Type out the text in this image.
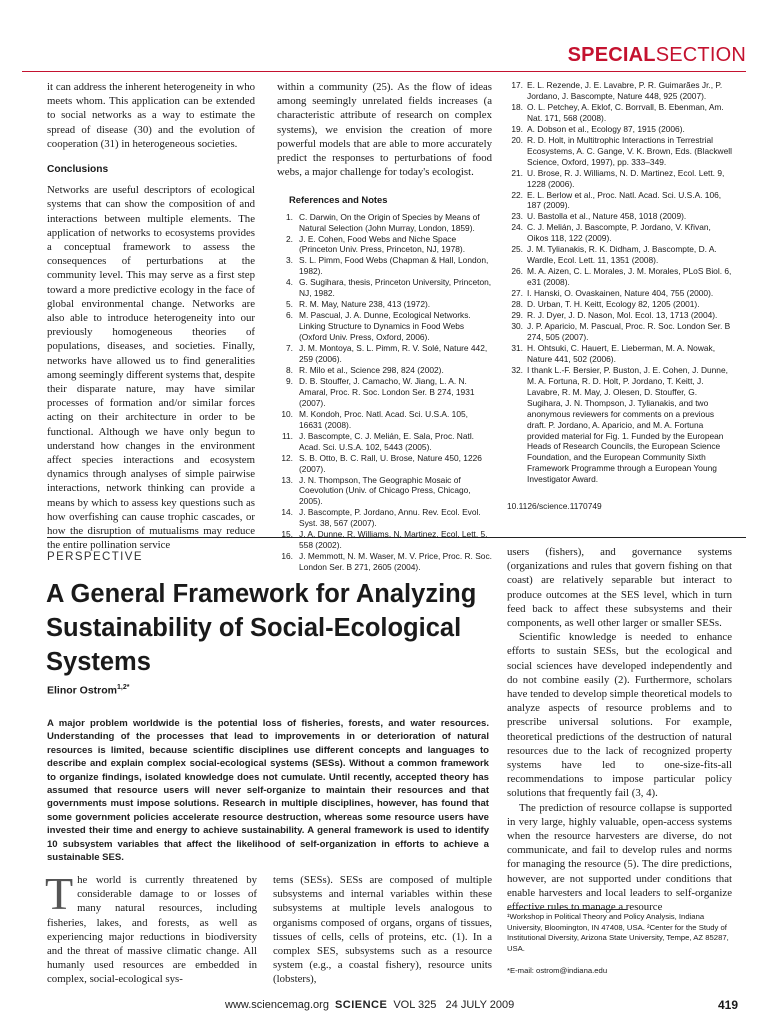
SPECIALSECTION

it can address the inherent heterogeneity in who meets whom. This application can be extended to social networks as a way to estimate the spread of disease (30) and the evolution of cooperation (31) in heterogeneous societies.

Conclusions

Networks are useful descriptors of ecological systems that can show the composition of and interactions between multiple elements. The application of networks to ecosystems provides a conceptual framework to assess the consequences of perturbations at the community level. This may serve as a first step toward a more predictive ecology in the face of global environmental change. Networks are also able to introduce heterogeneity into our previously homogeneous theories of populations, diseases, and societies. Finally, networks have allowed us to find generalities among seemingly different systems that, despite their disparate nature, may have similar processes of formation and/or similar forces acting on their architecture in order to be functional. Although we have only begun to understand how changes in the environment affect species interactions and ecosystem dynamics through analyses of simple pairwise interactions, network thinking can provide a means by which to assess key questions such as how overfishing can cause trophic cascades, or how the disruption of mutualisms may reduce the entire pollination service

within a community (25). As the flow of ideas among seemingly unrelated fields increases (a characteristic attribute of research on complex systems), we envision the creation of more powerful models that are able to more accurately predict the responses to perturbations of food webs, a major challenge for today's ecologist.

References and Notes
1. C. Darwin, On the Origin of Species by Means of Natural Selection (John Murray, London, 1859).
2. J. E. Cohen, Food Webs and Niche Space (Princeton Univ. Press, Princeton, NJ, 1978).
3. S. L. Pimm, Food Webs (Chapman & Hall, London, 1982).
4. G. Sugihara, thesis, Princeton University, Princeton, NJ, 1982.
5. R. M. May, Nature 238, 413 (1972).
6. M. Pascual, J. A. Dunne, Ecological Networks. Linking Structure to Dynamics in Food Webs (Oxford Univ. Press, Oxford, 2006).
7. J. M. Montoya, S. L. Pimm, R. V. Solé, Nature 442, 259 (2006).
8. R. Milo et al., Science 298, 824 (2002).
9. D. B. Stouffer, J. Camacho, W. Jiang, L. A. N. Amaral, Proc. R. Soc. London Ser. B 274, 1931 (2007).
10. M. Kondoh, Proc. Natl. Acad. Sci. U.S.A. 105, 16631 (2008).
11. J. Bascompte, C. J. Melián, E. Sala, Proc. Natl. Acad. Sci. U.S.A. 102, 5443 (2005).
12. S. B. Otto, B. C. Rall, U. Brose, Nature 450, 1226 (2007).
13. J. N. Thompson, The Geographic Mosaic of Coevolution (Univ. of Chicago Press, Chicago, 2005).
14. J. Bascompte, P. Jordano, Annu. Rev. Ecol. Evol. Syst. 38, 567 (2007).
15. J. A. Dunne, R. Williams, N. Martinez, Ecol. Lett. 5, 558 (2002).
16. J. Memmott, N. M. Waser, M. V. Price, Proc. R. Soc. London Ser. B 271, 2605 (2004).
17. E. L. Rezende, J. E. Lavabre, P. R. Guimarães Jr., P. Jordano, J. Bascompte, Nature 448, 925 (2007).
18. O. L. Petchey, A. Eklof, C. Borrvall, B. Ebenman, Am. Nat. 171, 568 (2008).
19. A. Dobson et al., Ecology 87, 1915 (2006).
20. R. D. Holt, in Multitrophic Interactions in Terrestrial Ecosystems, A. C. Gange, V. K. Brown, Eds. (Blackwell Science, Oxford, 1997), pp. 333–349.
21. U. Brose, R. J. Williams, N. D. Martinez, Ecol. Lett. 9, 1228 (2006).
22. E. L. Berlow et al., Proc. Natl. Acad. Sci. U.S.A. 106, 187 (2009).
23. U. Bastolla et al., Nature 458, 1018 (2009).
24. C. J. Melián, J. Bascompte, P. Jordano, V. Křivan, Oikos 118, 122 (2009).
25. J. M. Tylianakis, R. K. Didham, J. Bascompte, D. A. Wardle, Ecol. Lett. 11, 1351 (2008).
26. M. A. Aizen, C. L. Morales, J. M. Morales, PLoS Biol. 6, e31 (2008).
27. I. Hanski, O. Ovaskainen, Nature 404, 755 (2000).
28. D. Urban, T. H. Keitt, Ecology 82, 1205 (2001).
29. R. J. Dyer, J. D. Nason, Mol. Ecol. 13, 1713 (2004).
30. J. P. Aparicio, M. Pascual, Proc. R. Soc. London Ser. B 274, 505 (2007).
31. H. Ohtsuki, C. Hauert, E. Lieberman, M. A. Nowak, Nature 441, 502 (2006).
32. I thank L.-F. Bersier, P. Buston, J. E. Cohen, J. Dunne, M. A. Fortuna, R. D. Holt, P. Jordano, T. Keitt, J. Lavabre, R. M. May, J. Olesen, D. Stouffer, G. Sugihara, J. N. Thompson, J. Tylianakis, and two anonymous reviewers for comments on a previous draft. P. Jordano, A. Aparicio, and M. A. Fortuna provided material for Fig. 1. Funded by the European Heads of Research Councils, the European Science Foundation, and the European Community Sixth Framework Programme through a European Young Investigator Award.
10.1126/science.1170749
PERSPECTIVE
A General Framework for Analyzing Sustainability of Social-Ecological Systems
Elinor Ostrom$^{1,2*}$
A major problem worldwide is the potential loss of fisheries, forests, and water resources. Understanding of the processes that lead to improvements in or deterioration of natural resources is limited, because scientific disciplines use different concepts and languages to describe and explain complex social-ecological systems (SESs). Without a common framework to organize findings, isolated knowledge does not cumulate. Until recently, accepted theory has assumed that resource users will never self-organize to maintain their resources and that governments must impose solutions. Research in multiple disciplines, however, has found that some government policies accelerate resource destruction, whereas some resource users have invested their time and energy to achieve sustainability. A general framework is used to identify 10 subsystem variables that affect the likelihood of self-organization in efforts to achieve a sustainable SES.

The world is currently threatened by considerable damage to or losses of many natural resources, including fisheries, lakes, and forests, as well as experiencing major reductions in biodiversity and the threat of massive climatic change. All humanly used resources are embedded in complex, social-ecological sys-

tems (SESs). SESs are composed of multiple subsystems and internal variables within these subsystems at multiple levels analogous to organisms composed of organs, organs of tissues, tissues of cells, cells of proteins, etc. (1). In a complex SES, subsystems such as a resource system (e.g., a coastal fishery), resource units (lobsters),

users (fishers), and governance systems (organizations and rules that govern fishing on that coast) are relatively separable but interact to produce outcomes at the SES level, which in turn feed back to affect these subsystems and their components, as well other larger or smaller SESs.

Scientific knowledge is needed to enhance efforts to sustain SESs, but the ecological and social sciences have developed independently and do not combine easily (2). Furthermore, scholars have tended to develop simple theoretical models to analyze aspects of resource problems and to prescribe universal solutions. For example, theoretical predictions of the destruction of natural resources due to the lack of recognized property systems have led to one-size-fits-all recommendations to impose particular policy solutions that frequently fail (3, 4).

The prediction of resource collapse is supported in very large, highly valuable, open-access systems when the resource harvesters are diverse, do not communicate, and fail to develop rules and norms for managing the resource (5). The dire predictions, however, are not supported under conditions that enable harvesters and local leaders to self-organize effective rules to manage a resource

¹Workshop in Political Theory and Policy Analysis, Indiana University, Bloomington, IN 47408, USA. ²Center for the Study of Institutional Diversity, Arizona State University, Tempe, AZ 85287, USA.
*E-mail: ostrom@indiana.edu
www.sciencemag.org SCIENCE VOL 325 24 JULY 2009	419
